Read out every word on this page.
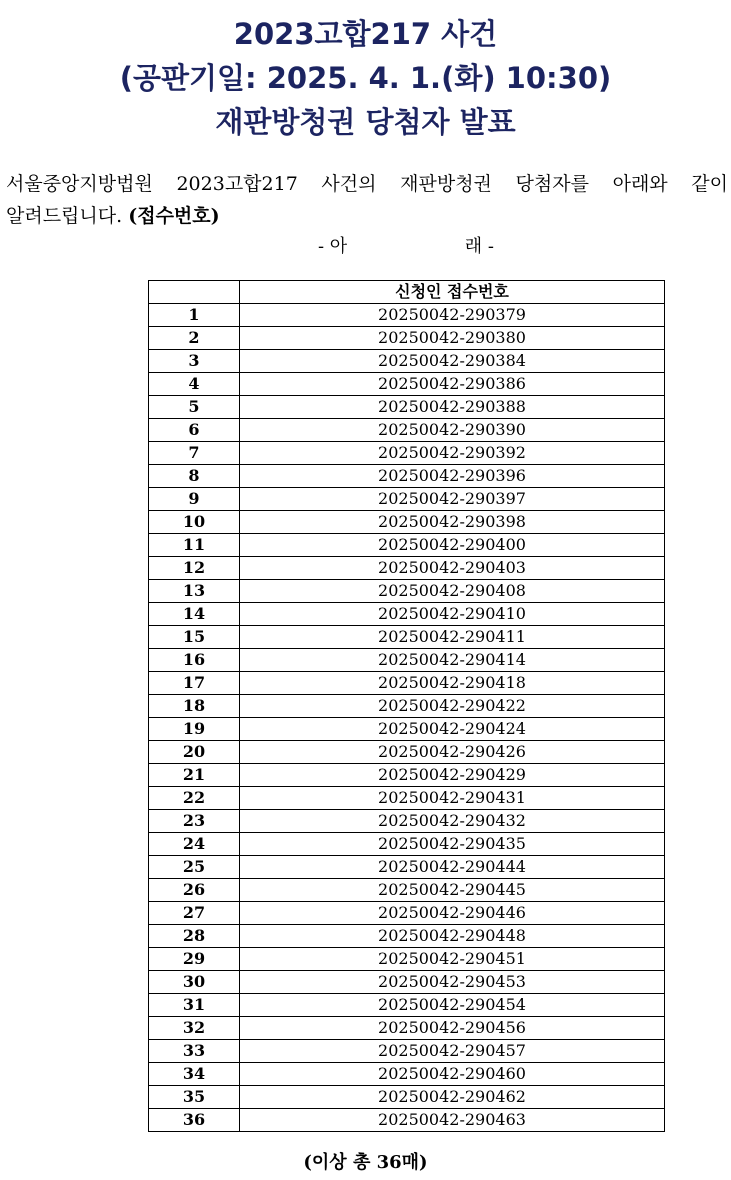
2023고합217 사건
(공판기일: 2025. 4. 1.(화) 10:30)
재판방청권 당첨자 발표
서울중앙지방법원 2023고합217 사건의 재판방청권 당첨자를 아래와 같이
알려드립니다. (접수번호)
- 아	래 -
	신청인 접수번호
1	20250042-290379
2	20250042-290380
3	20250042-290384
4	20250042-290386
5	20250042-290388
6	20250042-290390
7	20250042-290392
8	20250042-290396
9	20250042-290397
10	20250042-290398
11	20250042-290400
12	20250042-290403
13	20250042-290408
14	20250042-290410
15	20250042-290411
16	20250042-290414
17	20250042-290418
18	20250042-290422
19	20250042-290424
20	20250042-290426
21	20250042-290429
22	20250042-290431
23	20250042-290432
24	20250042-290435
25	20250042-290444
26	20250042-290445
27	20250042-290446
28	20250042-290448
29	20250042-290451
30	20250042-290453
31	20250042-290454
32	20250042-290456
33	20250042-290457
34	20250042-290460
35	20250042-290462
36	20250042-290463
(이상 총 36매)
